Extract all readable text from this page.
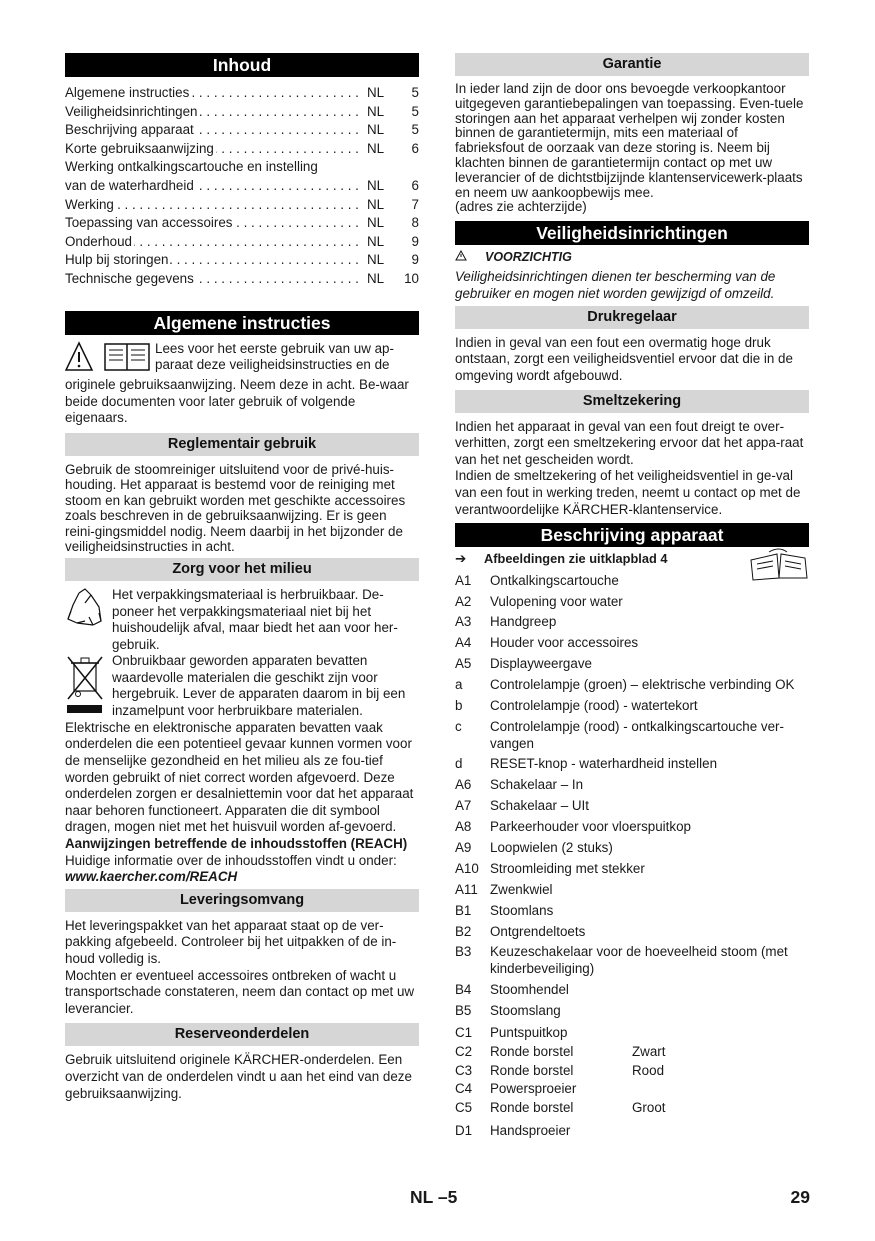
Inhoud
Algemene instructies . . .	NL	5
Veiligheidsinrichtingen . . .	NL	5
Beschrijving apparaat . . .	NL	5
Korte gebruiksaanwijzing . . .	NL	6
Werking ontkalkingscartouche en instelling
van de waterhardheid . . .	NL	6
Werking . . .	NL	7
Toepassing van accessoires . . .	NL	8
Onderhoud . . .	NL	9
Hulp bij storingen . . .	NL	9
Technische gegevens . . .	NL	10
Algemene instructies

Lees voor het eerste gebruik van uw ap-paraat deze veiligheidsinstructies en de

originele gebruiksaanwijzing. Neem deze in acht. Be-waar beide documenten voor later gebruik of volgende eigenaars.

Reglementair gebruik

Gebruik de stoomreiniger uitsluitend voor de privé-huis-houding. Het apparaat is bestemd voor de reiniging met stoom en kan gebruikt worden met geschikte accessoires zoals beschreven in de gebruiksaanwijzing. Er is geen reini-gingsmiddel nodig. Neem daarbij in het bijzonder de veiligheidsinstructies in acht.

Zorg voor het milieu

Het verpakkingsmateriaal is herbruikbaar. De-poneer het verpakkingsmateriaal niet bij het huishoudelijk afval, maar biedt het aan voor her-gebruik.

Onbruikbaar geworden apparaten bevatten waardevolle materialen die geschikt zijn voor hergebruik. Lever de apparaten daarom in bij een inzamelpunt voor herbruikbare materialen.

Elektrische en elektronische apparaten bevatten vaak onderdelen die een potentieel gevaar kunnen vormen voor de menselijke gezondheid en het milieu als ze fou-tief worden gebruikt of niet correct worden afgevoerd. Deze onderdelen zorgen er desalniettemin voor dat het apparaat naar behoren functioneert. Apparaten die dit symbool dragen, mogen niet met het huisvuil worden af-gevoerd.

Aanwijzingen betreffende de inhoudsstoffen (REACH)

Huidige informatie over de inhoudsstoffen vindt u onder:

www.kaercher.com/REACH

Leveringsomvang

Het leveringspakket van het apparaat staat op de ver-pakking afgebeeld. Controleer bij het uitpakken of de in-houd volledig is.

Mochten er eventueel accessoires ontbreken of wacht u transportschade constateren, neem dan contact op met uw leverancier.

Reserveonderdelen

Gebruik uitsluitend originele KÄRCHER-onderdelen. Een overzicht van de onderdelen vindt u aan het eind van deze gebruiksaanwijzing.

Garantie

In ieder land zijn de door ons bevoegde verkoopkantoor uitgegeven garantiebepalingen van toepassing. Even-tuele storingen aan het apparaat verhelpen wij zonder kosten binnen de garantietermijn, mits een materiaal of fabrieksfout de oorzaak van deze storing is. Neem bij klachten binnen de garantietermijn contact op met uw leverancier of de dichtstbijzijnde klantenservicewerk-plaats en neem uw aankoopbewijs mee.

(adres zie achterzijde)

Veiligheidsinrichtingen
VOORZICHTIG

Veiligheidsinrichtingen dienen ter bescherming van de gebruiker en mogen niet worden gewijzigd of omzeild.

Drukregelaar

Indien in geval van een fout een overmatig hoge druk ontstaan, zorgt een veiligheidsventiel ervoor dat die in de omgeving wordt afgebouwd.

Smeltzekering

Indien het apparaat in geval van een fout dreigt te over-verhitten, zorgt een smeltzekering ervoor dat het appa-raat van het net gescheiden wordt.

Indien de smeltzekering of het veiligheidsventiel in ge-val van een fout in werking treden, neemt u contact op met de verantwoordelijke KÄRCHER-klantenservice.

Beschrijving apparaat
➔	Afbeeldingen zie uitklapblad 4
A1	Ontkalkingscartouche
A2	Vulopening voor water
A3	Handgreep
A4	Houder voor accessoires
A5	Displayweergave
a	Controlelampje (groen) – elektrische verbinding OK
b	Controlelampje (rood) - watertekort
c	Controlelampje (rood) - ontkalkingscartouche ver-vangen
d	RESET-knop - waterhardheid instellen
A6	Schakelaar – In
A7	Schakelaar – UIt
A8	Parkeerhouder voor vloerspuitkop
A9	Loopwielen (2 stuks)
A10 Stroomleiding met stekker
A11 Zwenkwiel
B1	Stoomlans
B2	Ontgrendeltoets
B3	Keuzeschakelaar voor de hoeveelheid stoom (met kinderbeveiliging)
B4	Stoomhendel
B5	Stoomslang
C1	Puntspuitkop
C2	Ronde borstel	Zwart
C3	Ronde borstel	Rood
C4	Powersproeier
C5	Ronde borstel	Groot
D1	Handsproeier
NL –5	29
